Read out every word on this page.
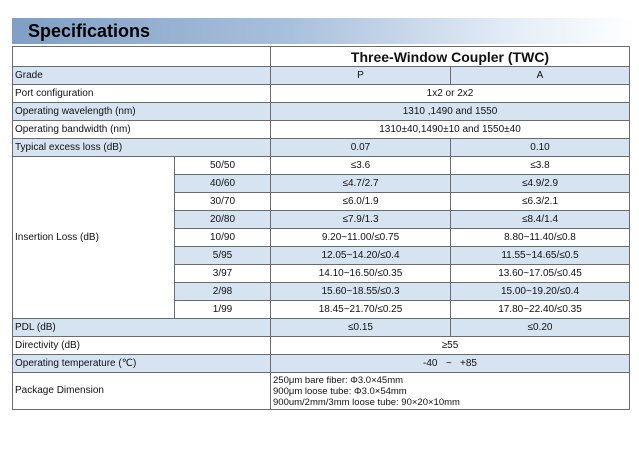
Specifications
		Three-Window Coupler (TWC)	
Grade		P	A
Port configuration		1x2 or 2x2	
Operating wavelength (nm)		1310 ,1490 and 1550	
Operating bandwidth (nm)		1310±40,1490±10 and 1550±40	
Typical excess loss (dB)		0.07	0.10
Insertion Loss (dB)	50/50	≤3.6	≤3.8
	40/60	≤4.7/2.7	≤4.9/2.9
	30/70	≤6.0/1.9	≤6.3/2.1
	20/80	≤7.9/1.3	≤8.4/1.4
	10/90	9.20~11.00/≤0.75	8.80~11.40/≤0.8
	5/95	12.05~14.20/≤0.4	11.55~14.65/≤0.5
	3/97	14.10~16.50/≤0.35	13.60~17.05/≤0.45
	2/98	15.60~18.55/≤0.3	15.00~19.20/≤0.4
	1/99	18.45~21.70/≤0.25	17.80~22.40/≤0.35
PDL (dB)		≤0.15	≤0.20
Directivity (dB)		≥55	
Operating temperature (℃)		-40   ~   +85	
Package Dimension		250μm bare fiber: Φ3.0×45mm
900μm loose tube: Φ3.0×54mm
900um/2mm/3mm loose tube: 90×20×10mm	
